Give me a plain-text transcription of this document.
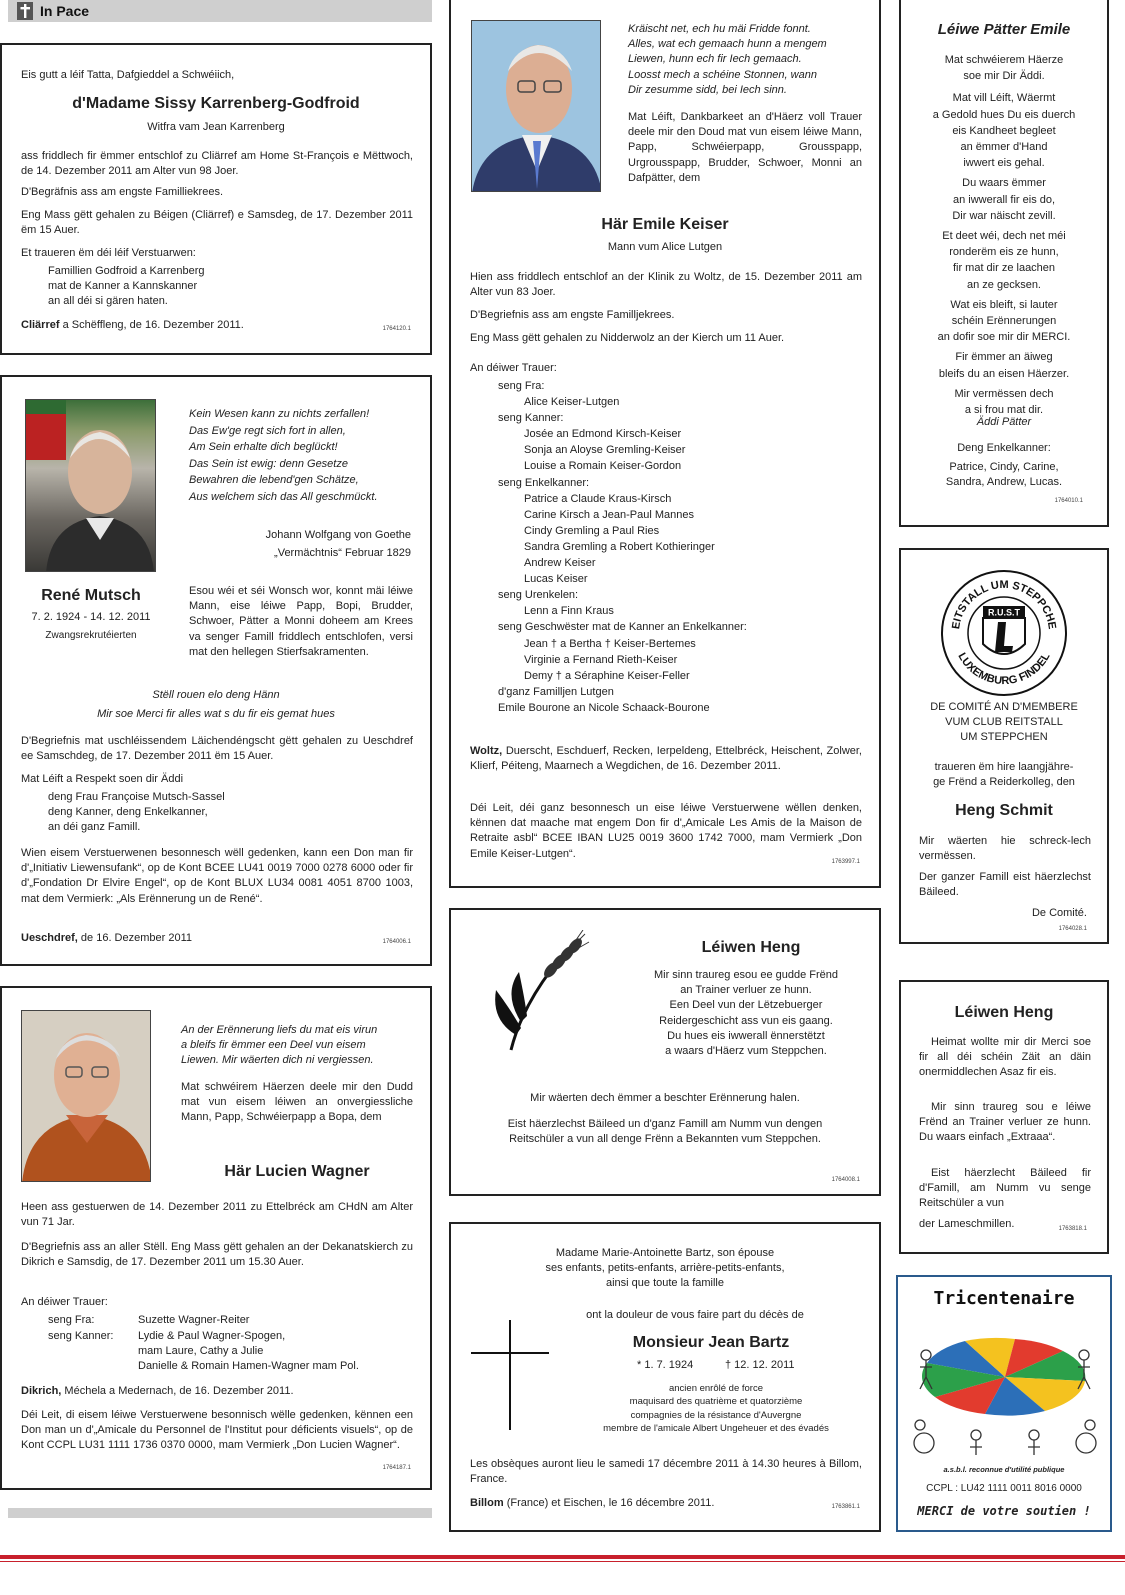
In Pace
Eis gutt a léif Tatta, Dafgieddel a Schwéiich,
d'Madame Sissy Karrenberg-Godfroid
Witfra vam Jean Karrenberg
ass friddlech fir ëmmer entschlof zu Cliärref am Home St-François e Mëttwoch, de 14. Dezember 2011 am Alter vun 98 Joer.
D'Begräfnis ass am engste Familliekrees.
Eng Mass gëtt gehalen zu Béigen (Cliärref) e Samsdeg, de 17. Dezember 2011 ëm 15 Auer.
Et traueren ëm déi léif Verstuarwen:
Famillien Godfroid a Karrenberg
mat de Kanner a Kannskanner
an all déi si gären haten.
Cliärref a Schëffleng, de 16. Dezember 2011.	1764120.1
Kein Wesen kann zu nichts zerfallen!
Das Ew'ge regt sich fort in allen,
Am Sein erhalte dich beglückt!
Das Sein ist ewig: denn Gesetze
Bewahren die lebend'gen Schätze,
Aus welchem sich das All geschmückt.
Johann Wolfgang von Goethe
„Vermächtnis“ Februar 1829
René Mutsch
7. 2. 1924 - 14. 12. 2011
Zwangsrekrutéierten
Esou wéi et séi Wonsch wor, konnt mäi léiwe Mann, eise léiwe Papp, Bopi, Brudder, Schwoer, Pätter a Monni doheem am Krees va senger Famill friddlech entschlofen, versi mat den hellegen Stierfsakramenten.
Stëll rouen elo deng Hänn
Mir soe Merci fir alles wat s du fir eis gemat hues
D'Begriefnis mat uschléissendem Läichendéngscht gëtt gehalen zu Ueschdref ee Samschdeg, de 17. Dezember 2011 ëm 15 Auer.
Mat Léift a Respekt soen dir Äddi
deng Frau Françoise Mutsch-Sassel
deng Kanner, deng Enkelkanner,
an déi ganz Famill.
Wien eisem Verstuerwenen besonnesch wëll gedenken, kann een Don man fir d'„Initiativ Liewensufank“, op de Kont BCEE LU41 0019 7000 0278 6000 oder fir d'„Fondation Dr Elvire Engel“, op de Kont BLUX LU34 0081 4051 8700 1003, mat dem Vermierk: „Als Erënnerung un de René“.
Ueschdref, de 16. Dezember 2011	1764006.1
An der Erënnerung liefs du mat eis virun
a bleifs fir ëmmer een Deel vun eisem
Liewen. Mir wäerten dich ni vergiessen.
Mat schwéirem Häerzen deele mir den Dudd mat vun eisem léiwen an onvergiessliche Mann, Papp, Schwéierpapp a Bopa, dem
Här Lucien Wagner
Heen ass gestuerwen de 14. Dezember 2011 zu Ettelbréck am CHdN am Alter vun 71 Jar.
D'Begriefnis ass an aller Stëll. Eng Mass gëtt gehalen an der Dekanatskierch zu Dikrich e Samsdig, de 17. Dezember 2011 um 15.30 Auer.
An déiwer Trauer:
seng Fra:	Suzette Wagner-Reiter
seng Kanner: Lydie & Paul Wagner-Spogen,
mam Laure, Cathy a Julie
Danielle & Romain Hamen-Wagner mam Pol.
Dikrich, Méchela a Medernach, de 16. Dezember 2011.
Déi Leit, di eisem léiwe Verstuerwene besonnisch wëlle gedenken, kënnen een Don man un d'„Amicale du Personnel de l'Institut pour déficients visuels“, op de Kont CCPL LU31 1111 1736 0370 0000, mam Vermierk „Don Lucien Wagner“.
1764187.1
Kräischt net, ech hu mäi Fridde fonnt.
Alles, wat ech gemaach hunn a mengem
Liewen, hunn ech fir Iech gemaach.
Loosst mech a schéine Stonnen, wann
Dir zesumme sidd, bei Iech sinn.
Mat Léift, Dankbarkeet an d'Häerz voll Trauer deele mir den Doud mat vun eisem léiwe Mann, Papp, Schwéierpapp, Grousspapp, Urgrousspapp, Brudder, Schwoer, Monni an Dafpätter, dem
Här Emile Keiser
Mann vum Alice Lutgen
Hien ass friddlech entschlof an der Klinik zu Woltz, de 15. Dezember 2011 am Alter vun 83 Joer.
D'Begriefnis ass am engste Familljekrees.
Eng Mass gëtt gehalen zu Nidderwolz an der Kierch um 11 Auer.
An déiwer Trauer:
seng Fra:
Alice Keiser-Lutgen
seng Kanner:
Josée an Edmond Kirsch-Keiser
Sonja an Aloyse Gremling-Keiser
Louise a Romain Keiser-Gordon
seng Enkelkanner:
Patrice a Claude Kraus-Kirsch
Carine Kirsch a Jean-Paul Mannes
Cindy Gremling a Paul Ries
Sandra Gremling a Robert Kothieringer
Andrew Keiser
Lucas Keiser
seng Urenkelen:
Lenn a Finn Kraus
seng Geschwëster mat de Kanner an Enkelkanner:
Jean † a Bertha † Keiser-Bertemes
Virginie a Fernand Rieth-Keiser
Demy † a Séraphine Keiser-Feller
d'ganz Familljen Lutgen
Emile Bourone an Nicole Schaack-Bourone
Woltz, Duerscht, Eschduerf, Recken, Ierpeldeng, Ettelbréck, Heischent, Zolwer, Klierf, Péiteng, Maarnech a Wegdichen, de 16. Dezember 2011.
Déi Leit, déi ganz besonnesch un eise léiwe Verstuerwene wëllen denken, kënnen dat maache mat engem Don fir d'„Amicale Les Amis de la Maison de Retraite asbl“ BCEE IBAN LU25 0019 3600 1742 7000, mam Vermierk „Don Emile Keiser-Lutgen“.
1763997.1
Léiwen Heng
Mir sinn traureg esou ee gudde Frënd
an Trainer verluer ze hunn.
Een Deel vun der Lëtzebuerger
Reidergeschicht ass vun eis gaang.
Du hues eis iwwerall ënnerstëtzt
a waars d'Häerz vum Steppchen.
Mir wäerten dech ëmmer a beschter Erënnerung halen.
Eist häerzlechst Bäileed un d'ganz Famill am Numm vun dengen
Reitschüler a vun all denge Frënn a Bekannten vum Steppchen.
1764008.1
Madame Marie-Antoinette Bartz, son épouse
ses enfants, petits-enfants, arrière-petits-enfants,
ainsi que toute la famille
ont la douleur de vous faire part du décès de
Monsieur Jean Bartz
* 1. 7. 1924	† 12. 12. 2011
ancien enrôlé de force
maquisard des quatrième et quatorzième
compagnies de la résistance d'Auvergne
membre de l'amicale Albert Ungeheuer et des évadés
Les obsèques auront lieu le samedi 17 décembre 2011 à 14.30 heures à Billom, France.
Billom (France) et Eischen, le 16 décembre 2011.	1763861.1
Léiwe Pätter Emile
Mat schwéierem Häerze
soe mir Dir Äddi.
Mat vill Léift, Wäermt
a Gedold hues Du eis duerch
eis Kandheet begleet
an ëmmer d'Hand
iwwert eis gehal.
Du waars ëmmer
an iwwerall fir eis do,
Dir war näischt zevill.
Et deet wéi, dech net méi
ronderëm eis ze hunn,
fir mat dir ze laachen
an ze gecksen.
Wat eis bleift, si lauter
schéin Erënnerungen
an dofir soe mir dir MERCI.
Fir ëmmer an äiweg
bleifs du an eisen Häerzer.
Mir vermëssen dech
a si frou mat dir.
Äddi Pätter
Deng Enkelkanner:
Patrice, Cindy, Carine,
Sandra, Andrew, Lucas.
1764010.1
EITSTALL UM STEPPCHE
LUXEMBURG FINDEL
R.U.S.T
DE COMITÉ AN D'MEMBERE
VUM CLUB REITSTALL
UM STEPPCHEN
traueren ëm hire laangjähre-
ge Frënd a Reiderkolleg, den
Heng Schmit
Mir wäerten hie schreck-lech vermëssen.
Der ganzer Famill eist häerzlechst Bäileed.
De Comité.
1764028.1
Léiwen Heng
Heimat wollte mir dir Merci soe fir all déi schéin Zäit an däin onermiddlechen Asaz fir eis.
Mir sinn traureg sou e léiwe Frënd an Trainer verluer ze hunn. Du waars einfach „Extraaa“.
Eist häerzlecht Bäileed fir d'Famill, am Numm vu senge Reitschüler a vun
der Lameschmillen.	1763818.1
Tricentenaire
a.s.b.l. reconnue d'utilité publique
CCPL : LU42 1111 0011 8016 0000
MERCI de votre soutien !
